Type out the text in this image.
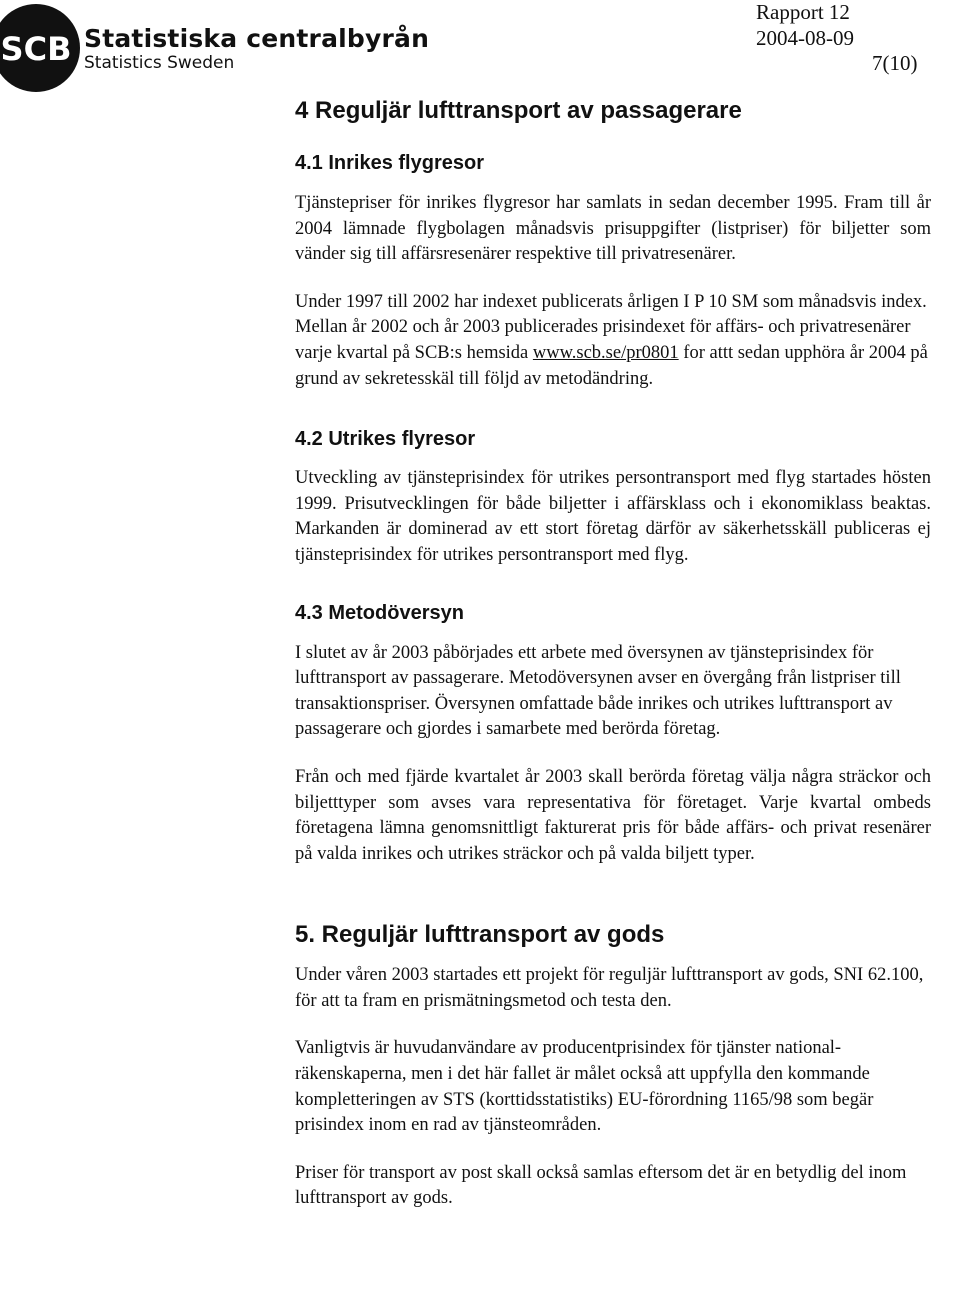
SCB Statistiska centralbyrån
Statistics Sweden
Rapport 12
2004-08-09
7(10)
4 Reguljär lufttransport av passagerare
4.1 Inrikes flygresor

Tjänstepriser för inrikes flygresor har samlats in sedan december 1995. Fram till år 2004 lämnade flygbolagen månadsvis prisuppgifter (listpriser) för biljetter som vänder sig till affärsresenärer respektive till privatresenärer.

Under 1997 till 2002 har indexet publicerats årligen I P 10 SM som månadsvis index. Mellan år 2002 och år 2003 publicerades prisindexet för affärs- och privatresenärer varje kvartal på SCB:s hemsida www.scb.se/pr0801 for attt sedan upphöra år 2004 på grund av sekretesskäl till följd av metodändring.

4.2 Utrikes flyresor

Utveckling av tjänsteprisindex för utrikes persontransport med flyg startades hösten 1999. Prisutvecklingen för både biljetter i affärsklass och i ekonomiklass beaktas. Markanden är dominerad av ett stort företag därför av säkerhetsskäll publiceras ej tjänsteprisindex för utrikes persontransport med flyg.

4.3 Metodöversyn

I slutet av år 2003 påbörjades ett arbete med översynen av tjänsteprisindex för lufttransport av passagerare. Metodöversynen avser en övergång från listpriser till transaktionspriser. Översynen omfattade både inrikes och utrikes lufttransport av passagerare och gjordes i samarbete med berörda företag.

Från och med fjärde kvartalet år 2003 skall berörda företag välja några sträckor och biljetttyper som avses vara representativa för företaget. Varje kvartal ombeds företagena lämna genomsnittligt fakturerat pris för både affärs- och privat resenärer på valda inrikes och utrikes sträckor och på valda biljett typer.

5. Reguljär lufttransport av gods

Under våren 2003 startades ett projekt för reguljär lufttransport av gods, SNI 62.100, för att ta fram en prismätningsmetod och testa den.

Vanligtvis är huvudanvändare av producentprisindex för tjänster national-räkenskaperna, men i det här fallet är målet också att uppfylla den kommande kompletteringen av STS (korttidsstatistiks) EU-förordning 1165/98 som begär prisindex inom en rad av tjänsteområden.

Priser för transport av post skall också samlas eftersom det är en betydlig del inom lufttransport av gods.
